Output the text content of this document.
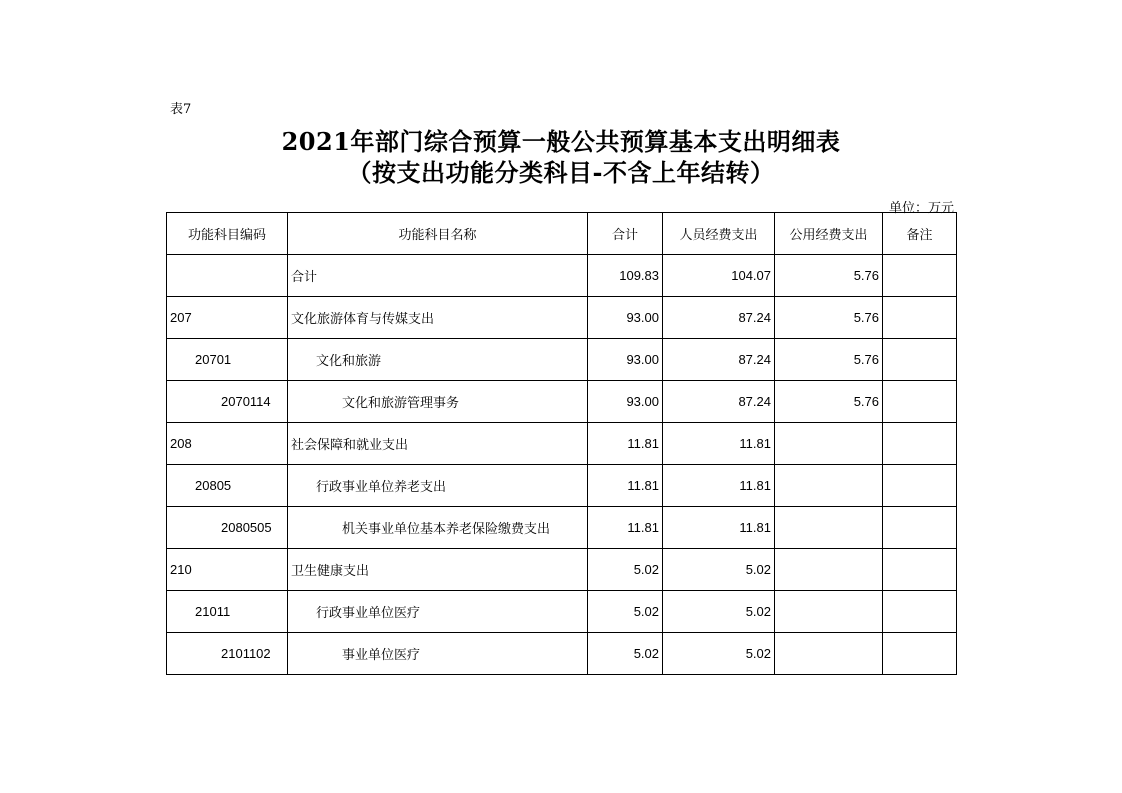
表7
2021年部门综合预算一般公共预算基本支出明细表
（按支出功能分类科目-不含上年结转）
单位：万元
功能科目编码	功能科目名称	合计	人员经费支出	公用经费支出	备注
	合计	109.83	104.07	5.76	
207	文化旅游体育与传媒支出	93.00	87.24	5.76	
20701	文化和旅游	93.00	87.24	5.76	
2070114	文化和旅游管理事务	93.00	87.24	5.76	
208	社会保障和就业支出	11.81	11.81		
20805	行政事业单位养老支出	11.81	11.81		
2080505	机关事业单位基本养老保险缴费支出	11.81	11.81		
210	卫生健康支出	5.02	5.02		
21011	行政事业单位医疗	5.02	5.02		
2101102	事业单位医疗	5.02	5.02		
